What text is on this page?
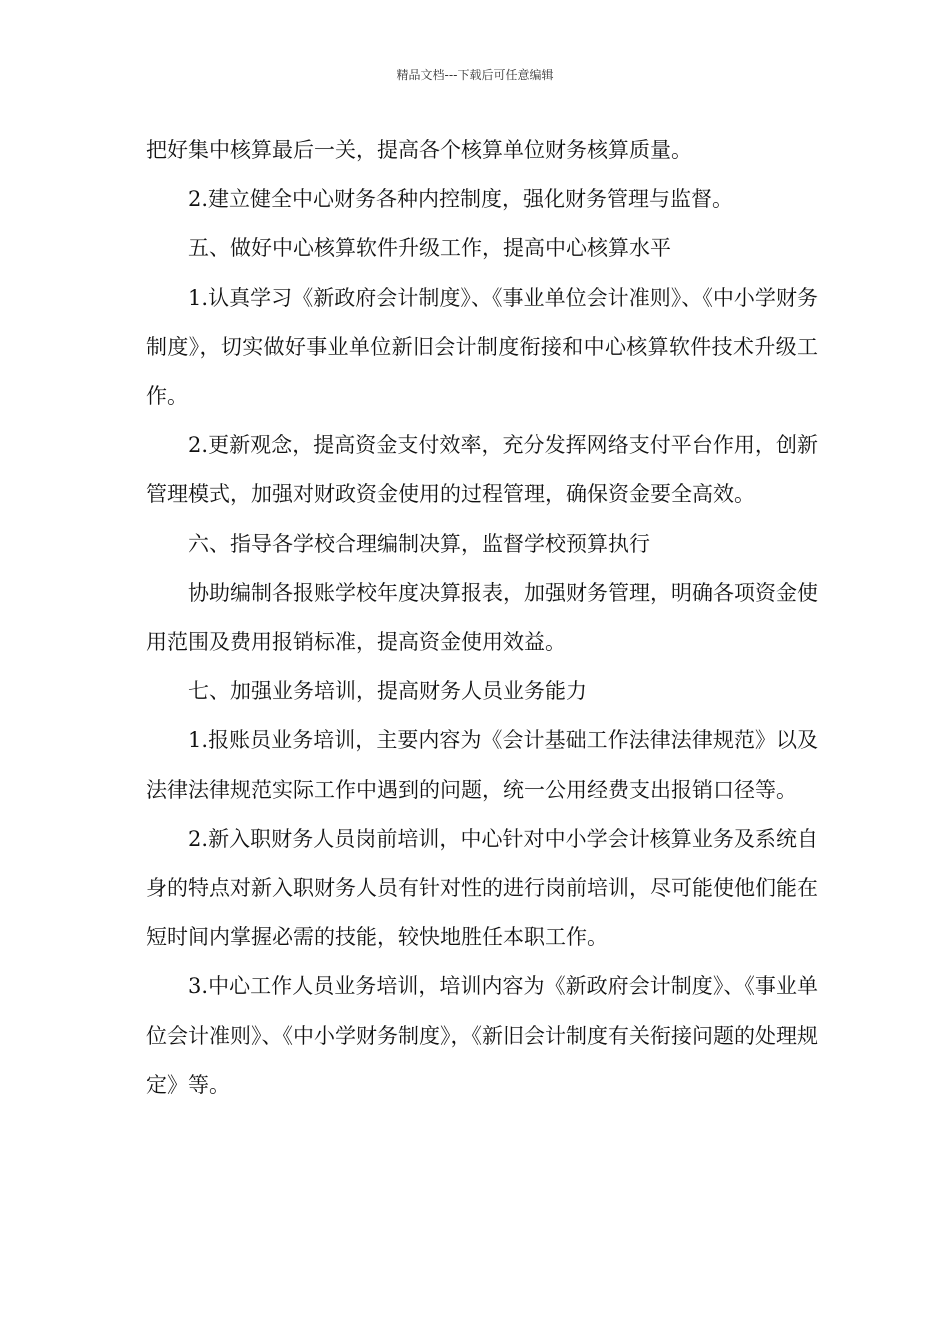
精品文档---下载后可任意编辑

把好集中核算最后一关，提高各个核算单位财务核算质量。

2.建立健全中心财务各种内控制度，强化财务管理与监督。

五、做好中心核算软件升级工作，提高中心核算水平

1.认真学习《新政府会计制度》、《事业单位会计准则》、《中小学财务制度》，切实做好事业单位新旧会计制度衔接和中心核算软件技术升级工作。

2.更新观念，提高资金支付效率，充分发挥网络支付平台作用，创新管理模式，加强对财政资金使用的过程管理，确保资金要全高效。

六、指导各学校合理编制决算，监督学校预算执行

协助编制各报账学校年度决算报表，加强财务管理，明确各项资金使用范围及费用报销标准，提高资金使用效益。

七、加强业务培训，提高财务人员业务能力

1.报账员业务培训，主要内容为《会计基础工作法律法律规范》以及法律法律规范实际工作中遇到的问题，统一公用经费支出报销口径等。

2.新入职财务人员岗前培训，中心针对中小学会计核算业务及系统自身的特点对新入职财务人员有针对性的进行岗前培训，尽可能使他们能在短时间内掌握必需的技能，较快地胜任本职工作。

3.中心工作人员业务培训，培训内容为《新政府会计制度》、《事业单位会计准则》、《中小学财务制度》，《新旧会计制度有关衔接问题的处理规定》等。
